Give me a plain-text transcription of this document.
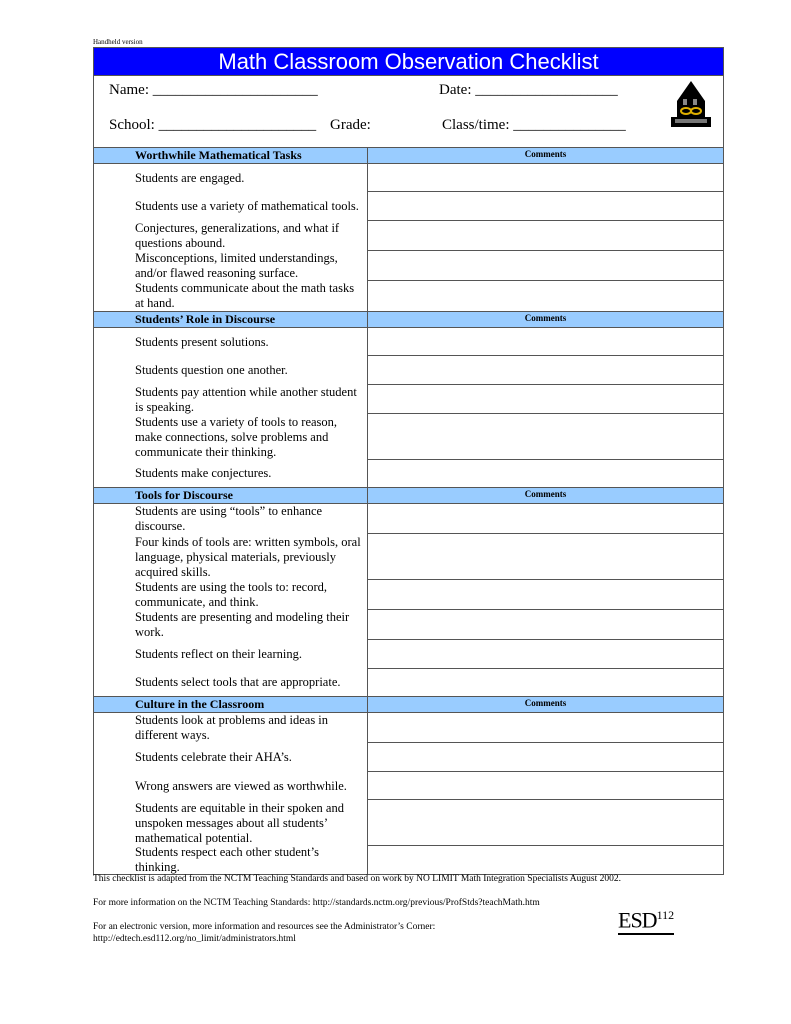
Handheld version
Math Classroom Observation Checklist
Name: ______________________	Date: ___________________
School: _____________________ Grade:	Class/time: _______________
Worthwhile Mathematical Tasks	Comments
Students are engaged.
Students use a variety of mathematical tools.
Conjectures, generalizations, and what if questions abound.
Misconceptions, limited understandings, and/or flawed reasoning surface.
Students communicate about the math tasks at hand.
Students’ Role in Discourse	Comments
Students present solutions.
Students question one another.
Students pay attention while another student is speaking.
Students use a variety of tools to reason, make connections, solve problems and communicate their thinking.
Students make conjectures.
Tools for Discourse	Comments
Students are using “tools” to enhance discourse.
Four kinds of tools are: written symbols, oral language, physical materials, previously acquired skills.
Students are using the tools to: record, communicate, and think.
Students are presenting and modeling their work.
Students reflect on their learning.
Students select tools that are appropriate.
Culture in the Classroom	Comments
Students look at problems and ideas in different ways.
Students celebrate their AHA’s.
Wrong answers are viewed as worthwhile.
Students are equitable in their spoken and unspoken messages about all students’ mathematical potential.
Students respect each other student’s thinking.
This checklist is adapted from the NCTM Teaching Standards and based on work by NO LIMIT Math Integration Specialists August 2002.
For more information on the NCTM Teaching Standards: http://standards.nctm.org/previous/ProfStds?teachMath.htm
For an electronic version, more information and resources see the Administrator’s Corner:
http://edtech.esd112.org/no_limit/administrators.html
ESD$^{112}$
